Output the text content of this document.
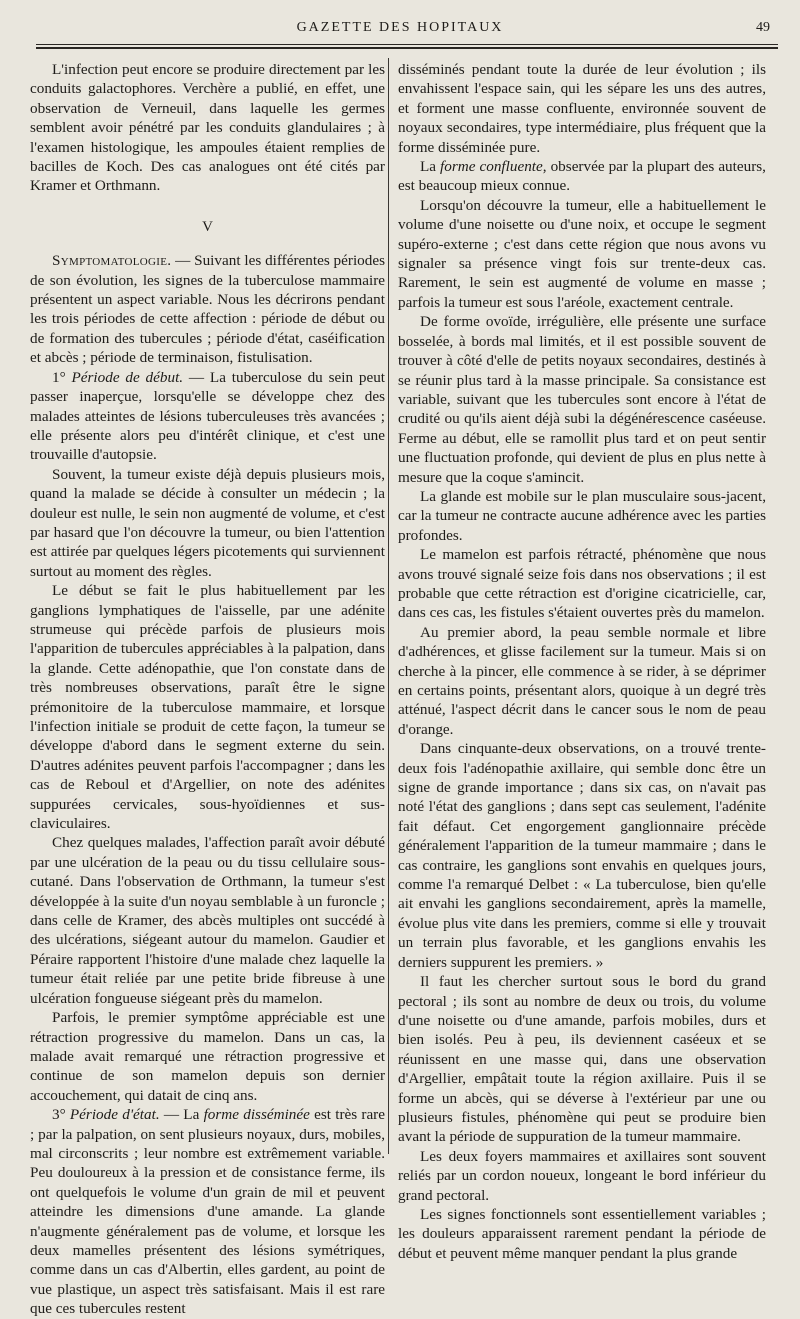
GAZETTE DES HOPITAUX	49

L'infection peut encore se produire directement par les conduits galactophores. Verchère a publié, en effet, une observation de Verneuil, dans laquelle les germes semblent avoir pénétré par les conduits glandulaires ; à l'examen histologique, les ampoules étaient remplies de bacilles de Koch. Des cas analogues ont été cités par Kramer et Orthmann.

V

Symptomatologie. — Suivant les différentes périodes de son évolution, les signes de la tuberculose mammaire présentent un aspect variable. Nous les décrirons pendant les trois périodes de cette affection : période de début ou de formation des tubercules ; période d'état, caséification et abcès ; période de terminaison, fistulisation.

1° Période de début. — La tuberculose du sein peut passer inaperçue, lorsqu'elle se développe chez des malades atteintes de lésions tuberculeuses très avancées ; elle présente alors peu d'intérêt clinique, et c'est une trouvaille d'autopsie.

Souvent, la tumeur existe déjà depuis plusieurs mois, quand la malade se décide à consulter un médecin ; la douleur est nulle, le sein non augmenté de volume, et c'est par hasard que l'on découvre la tumeur, ou bien l'attention est attirée par quelques légers picotements qui surviennent surtout au moment des règles.

Le début se fait le plus habituellement par les ganglions lymphatiques de l'aisselle, par une adénite strumeuse qui précède parfois de plusieurs mois l'apparition de tubercules appréciables à la palpation, dans la glande. Cette adénopathie, que l'on constate dans de très nombreuses observations, paraît être le signe prémonitoire de la tuberculose mammaire, et lorsque l'infection initiale se produit de cette façon, la tumeur se développe d'abord dans le segment externe du sein. D'autres adénites peuvent parfois l'accompagner ; dans les cas de Reboul et d'Argellier, on note des adénites suppurées cervicales, sous-hyoïdiennes et sus-claviculaires.

Chez quelques malades, l'affection paraît avoir débuté par une ulcération de la peau ou du tissu cellulaire sous-cutané. Dans l'observation de Orthmann, la tumeur s'est développée à la suite d'un noyau semblable à un furoncle ; dans celle de Kramer, des abcès multiples ont succédé à des ulcérations, siégeant autour du mamelon. Gaudier et Péraire rapportent l'histoire d'une malade chez laquelle la tumeur était reliée par une petite bride fibreuse à une ulcération fongueuse siégeant près du mamelon.

Parfois, le premier symptôme appréciable est une rétraction progressive du mamelon. Dans un cas, la malade avait remarqué une rétraction progressive et continue de son mamelon depuis son dernier accouchement, qui datait de cinq ans.

3° Période d'état. — La forme disséminée est très rare ; par la palpation, on sent plusieurs noyaux, durs, mobiles, mal circonscrits ; leur nombre est extrêmement variable. Peu douloureux à la pression et de consistance ferme, ils ont quelquefois le volume d'un grain de mil et peuvent atteindre les dimensions d'une amande. La glande n'augmente généralement pas de volume, et lorsque les deux mamelles présentent des lésions symétriques, comme dans un cas d'Albertin, elles gardent, au point de vue plastique, un aspect très satisfaisant. Mais il est rare que ces tubercules restent

disséminés pendant toute la durée de leur évolution ; ils envahissent l'espace sain, qui les sépare les uns des autres, et forment une masse confluente, environnée souvent de noyaux secondaires, type intermédiaire, plus fréquent que la forme disséminée pure.

La forme confluente, observée par la plupart des auteurs, est beaucoup mieux connue.

Lorsqu'on découvre la tumeur, elle a habituellement le volume d'une noisette ou d'une noix, et occupe le segment supéro-externe ; c'est dans cette région que nous avons vu signaler sa présence vingt fois sur trente-deux cas. Rarement, le sein est augmenté de volume en masse ; parfois la tumeur est sous l'aréole, exactement centrale.

De forme ovoïde, irrégulière, elle présente une surface bosselée, à bords mal limités, et il est possible souvent de trouver à côté d'elle de petits noyaux secondaires, destinés à se réunir plus tard à la masse principale. Sa consistance est variable, suivant que les tubercules sont encore à l'état de crudité ou qu'ils aient déjà subi la dégénérescence caséeuse. Ferme au début, elle se ramollit plus tard et on peut sentir une fluctuation profonde, qui devient de plus en plus nette à mesure que la coque s'amincit.

La glande est mobile sur le plan musculaire sous-jacent, car la tumeur ne contracte aucune adhérence avec les parties profondes.

Le mamelon est parfois rétracté, phénomène que nous avons trouvé signalé seize fois dans nos observations ; il est probable que cette rétraction est d'origine cicatricielle, car, dans ces cas, les fistules s'étaient ouvertes près du mamelon.

Au premier abord, la peau semble normale et libre d'adhérences, et glisse facilement sur la tumeur. Mais si on cherche à la pincer, elle commence à se rider, à se déprimer en certains points, présentant alors, quoique à un degré très atténué, l'aspect décrit dans le cancer sous le nom de peau d'orange.

Dans cinquante-deux observations, on a trouvé trente-deux fois l'adénopathie axillaire, qui semble donc être un signe de grande importance ; dans six cas, on n'avait pas noté l'état des ganglions ; dans sept cas seulement, l'adénite fait défaut. Cet engorgement ganglionnaire précède généralement l'apparition de la tumeur mammaire ; dans le cas contraire, les ganglions sont envahis en quelques jours, comme l'a remarqué Delbet : « La tuberculose, bien qu'elle ait envahi les ganglions secondairement, après la mamelle, évolue plus vite dans les premiers, comme si elle y trouvait un terrain plus favorable, et les ganglions envahis les derniers suppurent les premiers. »

Il faut les chercher surtout sous le bord du grand pectoral ; ils sont au nombre de deux ou trois, du volume d'une noisette ou d'une amande, parfois mobiles, durs et bien isolés. Peu à peu, ils deviennent caséeux et se réunissent en une masse qui, dans une observation d'Argellier, empâtait toute la région axillaire. Puis il se forme un abcès, qui se déverse à l'extérieur par une ou plusieurs fistules, phénomène qui peut se produire bien avant la période de suppuration de la tumeur mammaire.

Les deux foyers mammaires et axillaires sont souvent reliés par un cordon noueux, longeant le bord inférieur du grand pectoral.

Les signes fonctionnels sont essentiellement variables ; les douleurs apparaissent rarement pendant la période de début et peuvent même manquer pendant la plus grande
